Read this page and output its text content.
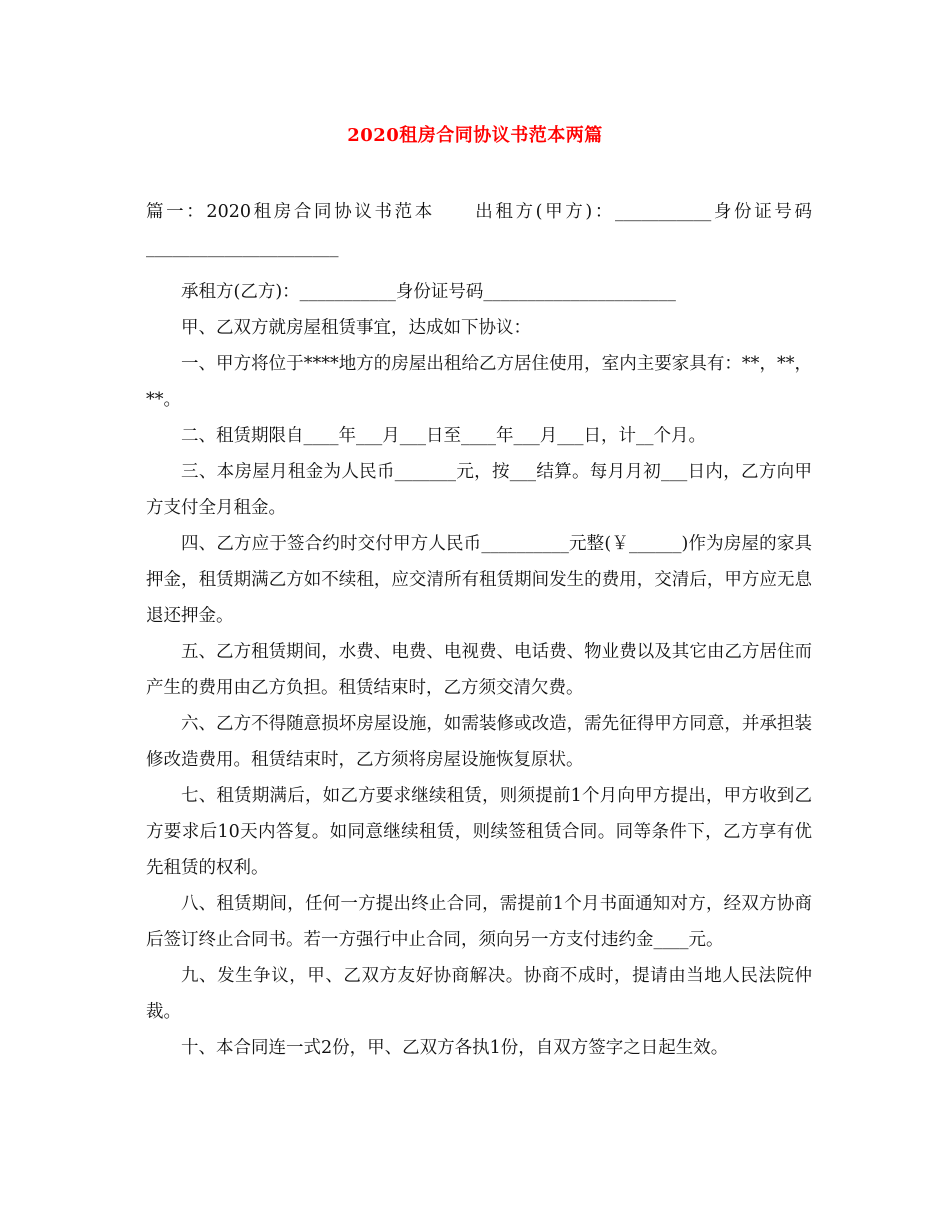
2020租房合同协议书范本两篇

篇一：2020租房合同协议书范本　　出租方(甲方)：___________身份证号码______________________

承租方(乙方)：___________身份证号码______________________

甲、乙双方就房屋租赁事宜，达成如下协议：

一、甲方将位于****地方的房屋出租给乙方居住使用，室内主要家具有：**，**，**。

二、租赁期限自____年___月___日至____年___月___日，计__个月。

三、本房屋月租金为人民币_______元，按___结算。每月月初___日内，乙方向甲方支付全月租金。

四、乙方应于签合约时交付甲方人民币__________元整(￥______)作为房屋的家具押金，租赁期满乙方如不续租，应交清所有租赁期间发生的费用，交清后，甲方应无息退还押金。

五、乙方租赁期间，水费、电费、电视费、电话费、物业费以及其它由乙方居住而产生的费用由乙方负担。租赁结束时，乙方须交清欠费。

六、乙方不得随意损坏房屋设施，如需装修或改造，需先征得甲方同意，并承担装修改造费用。租赁结束时，乙方须将房屋设施恢复原状。

七、租赁期满后，如乙方要求继续租赁，则须提前1个月向甲方提出，甲方收到乙方要求后10天内答复。如同意继续租赁，则续签租赁合同。同等条件下，乙方享有优先租赁的权利。

八、租赁期间，任何一方提出终止合同，需提前1个月书面通知对方，经双方协商后签订终止合同书。若一方强行中止合同，须向另一方支付违约金____元。

九、发生争议，甲、乙双方友好协商解决。协商不成时，提请由当地人民法院仲裁。

十、本合同连一式2份，甲、乙双方各执1份，自双方签字之日起生效。
